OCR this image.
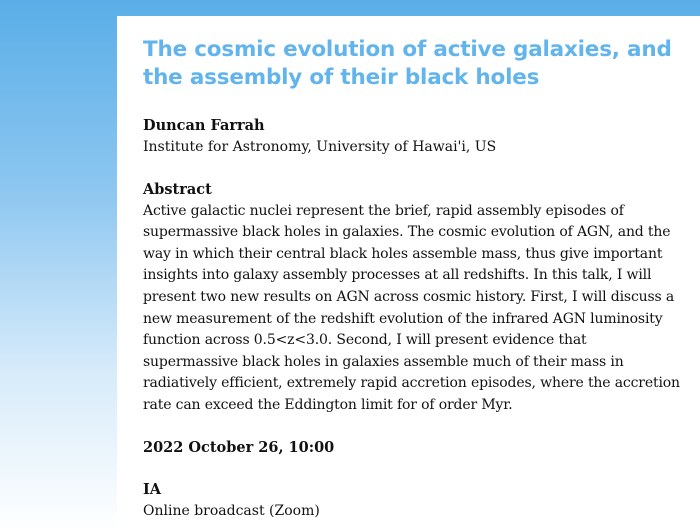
The cosmic evolution of active galaxies, and the assembly of their black holes

Duncan Farrah

Institute for Astronomy, University of Hawai'i, US

Abstract

Active galactic nuclei represent the brief, rapid assembly episodes of supermassive black holes in galaxies. The cosmic evolution of AGN, and the way in which their central black holes assemble mass, thus give important insights into galaxy assembly processes at all redshifts. In this talk, I will present two new results on AGN across cosmic history. First, I will discuss a new measurement of the redshift evolution of the infrared AGN luminosity function across 0.5<z<3.0. Second, I will present evidence that supermassive black holes in galaxies assemble much of their mass in radiatively efficient, extremely rapid accretion episodes, where the accretion rate can exceed the Eddington limit for of order Myr.

2022 October 26, 10:00

IA

Online broadcast (Zoom)
